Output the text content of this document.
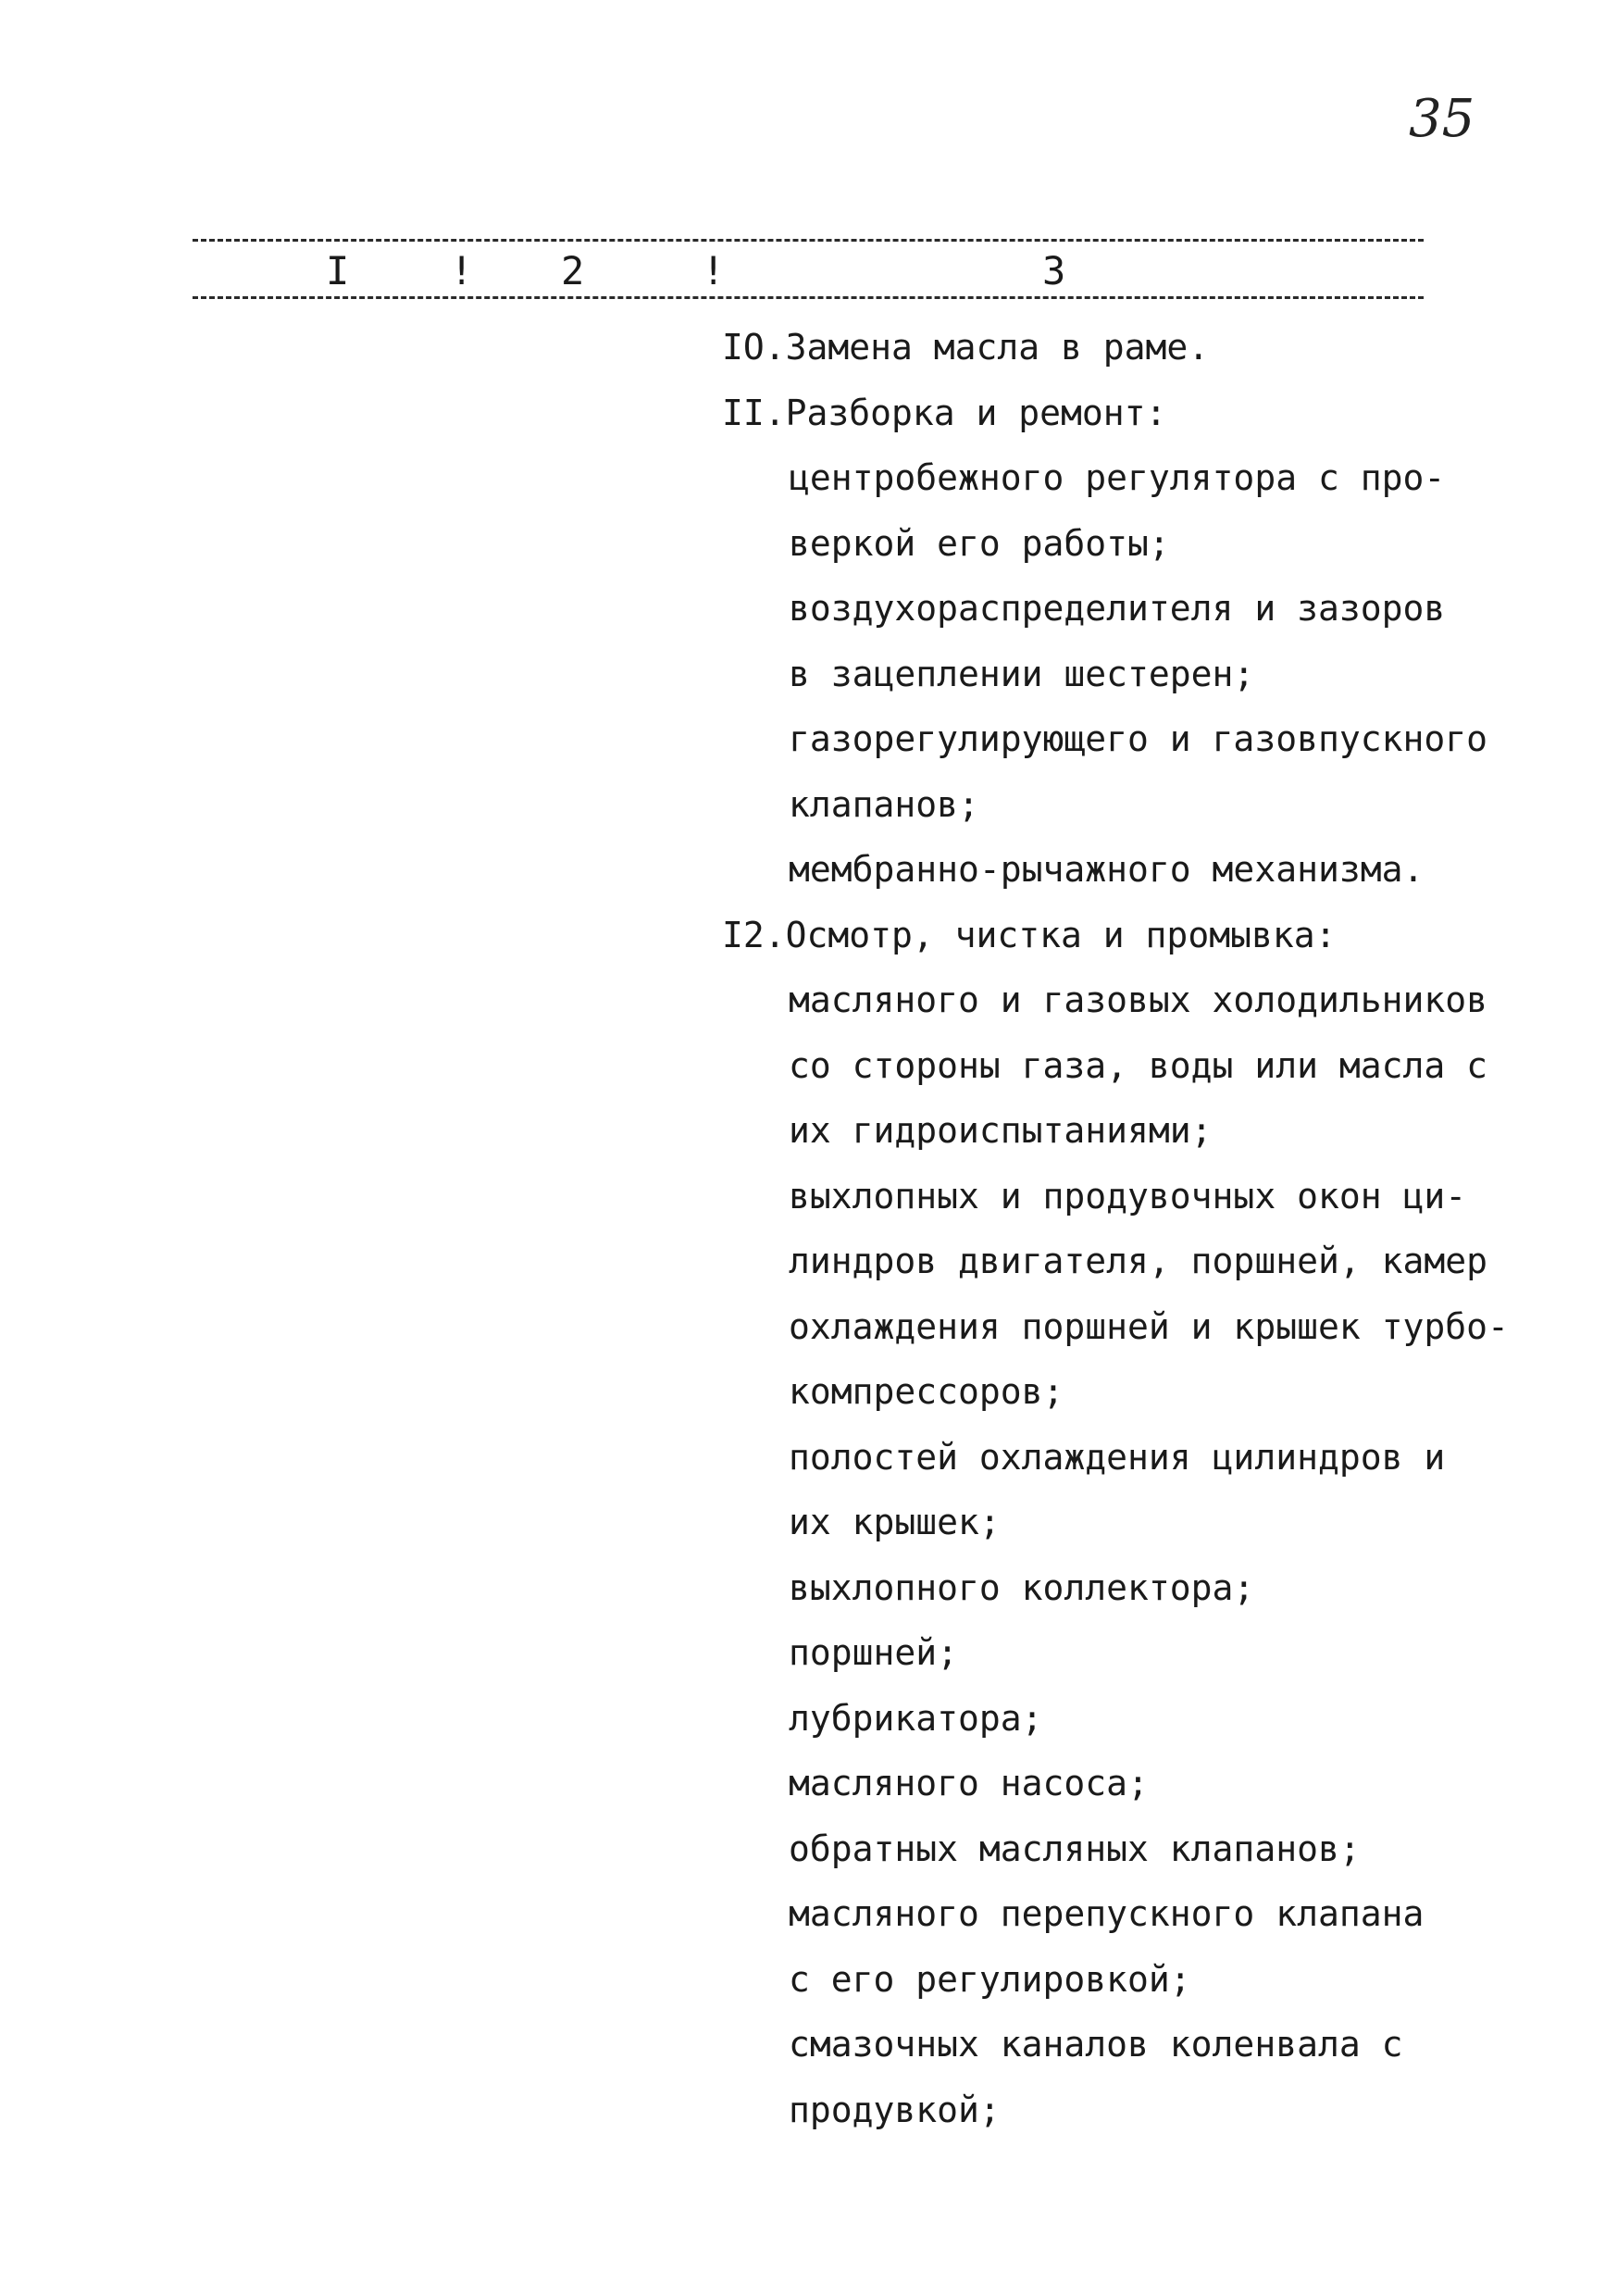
35
I	! 2	!	3
IO.Замена масла в раме.
II.Разборка и ремонт:
центробежного регулятора с про-
веркой его работы;
воздухораспределителя и зазоров
в зацеплении шестерен;
газорегулирующего и газовпускного
клапанов;
мембранно-рычажного механизма.
I2.Осмотр, чистка и промывка:
масляного и газовых холодильников
со стороны газа, воды или масла с
их гидроиспытаниями;
выхлопных и продувочных окон ци-
линдров двигателя, поршней, камер
охлаждения поршней и крышек турбо-
компрессоров;
полостей охлаждения цилиндров и
их крышек;
выхлопного коллектора;
поршней;
лубрикатора;
масляного насоса;
обратных масляных клапанов;
масляного перепускного клапана
с его регулировкой;
смазочных каналов коленвала с
продувкой;
